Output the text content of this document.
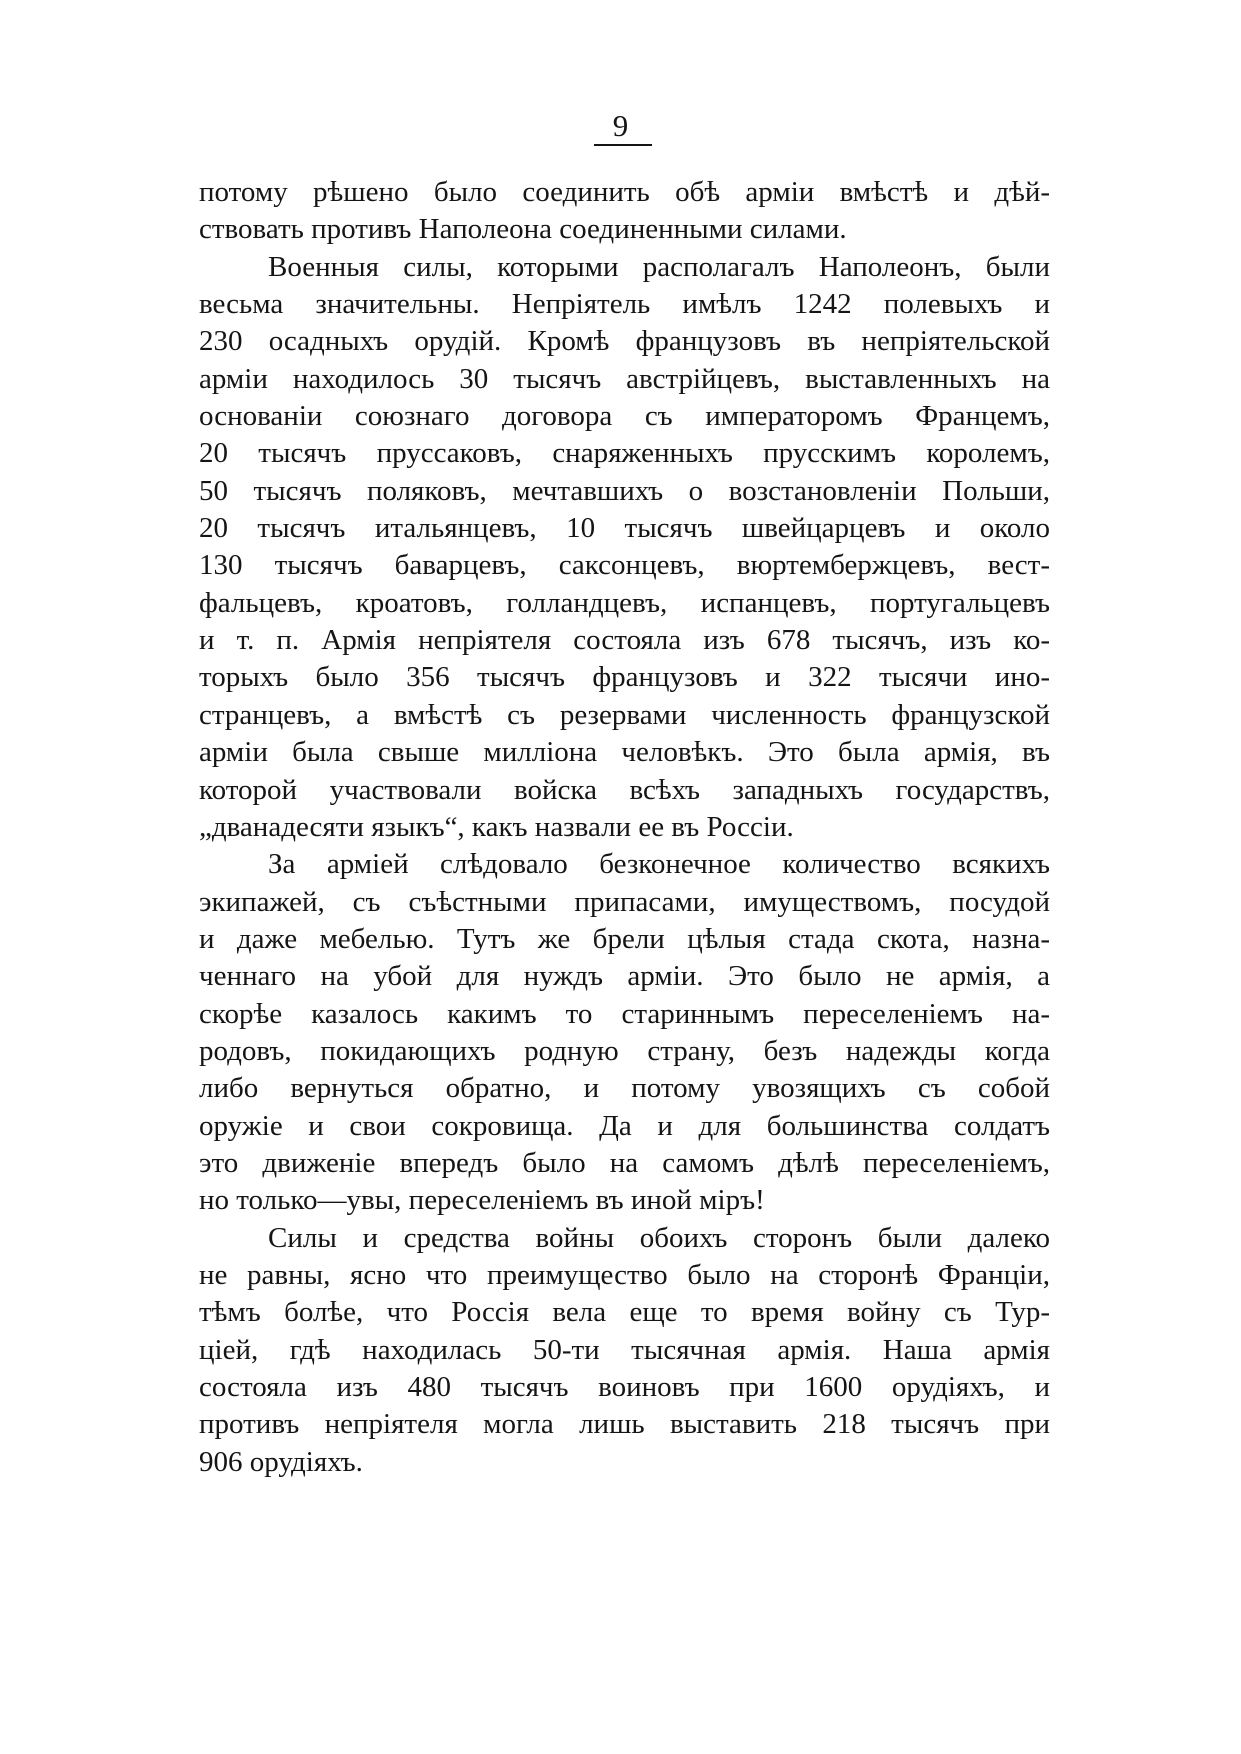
9
потому рѣшено было соединить обѣ арміи вмѣстѣ и дѣй-
ствовать противъ Наполеона соединенными силами.
Военныя силы, которыми располагалъ Наполеонъ, были
весьма значительны. Непріятель имѣлъ 1242 полевыхъ и
230 осадныхъ орудій. Кромѣ французовъ въ непріятельской
арміи находилось 30 тысячъ австрійцевъ, выставленныхъ на
основаніи союзнаго договора съ императоромъ Францемъ,
20 тысячъ пруссаковъ, снаряженныхъ прусскимъ королемъ,
50 тысячъ поляковъ, мечтавшихъ о возстановленіи Польши,
20 тысячъ итальянцевъ, 10 тысячъ швейцарцевъ и около
130 тысячъ баварцевъ, саксонцевъ, вюртембержцевъ, вест-
фальцевъ, кроатовъ, голландцевъ, испанцевъ, португальцевъ
и т. п. Армія непріятеля состояла изъ 678 тысячъ, изъ ко-
торыхъ было 356 тысячъ французовъ и 322 тысячи ино-
странцевъ, а вмѣстѣ съ резервами численность французской
арміи была свыше милліона человѣкъ. Это была армія, въ
которой участвовали войска всѣхъ западныхъ государствъ,
„дванадесяти языкъ“, какъ назвали ее въ Россіи.
За арміей слѣдовало безконечное количество всякихъ
экипажей, съ съѣстными припасами, имуществомъ, посудой
и даже мебелью. Тутъ же брели цѣлыя стада скота, назна-
ченнаго на убой для нуждъ арміи. Это было не армія, а
скорѣе казалось какимъ то стариннымъ переселеніемъ на-
родовъ, покидающихъ родную страну, безъ надежды когда
либо вернуться обратно, и потому увозящихъ съ собой
оружіе и свои сокровища. Да и для большинства солдатъ
это движеніе впередъ было на самомъ дѣлѣ переселеніемъ,
но только—увы, переселеніемъ въ иной міръ!
Силы и средства войны обоихъ сторонъ были далеко
не равны, ясно что преимущество было на сторонѣ Франціи,
тѣмъ болѣе, что Россія вела еще то время войну съ Тур-
ціей, гдѣ находилась 50-ти тысячная армія. Наша армія
состояла изъ 480 тысячъ воиновъ при 1600 орудіяхъ, и
противъ непріятеля могла лишь выставить 218 тысячъ при
906 орудіяхъ.
